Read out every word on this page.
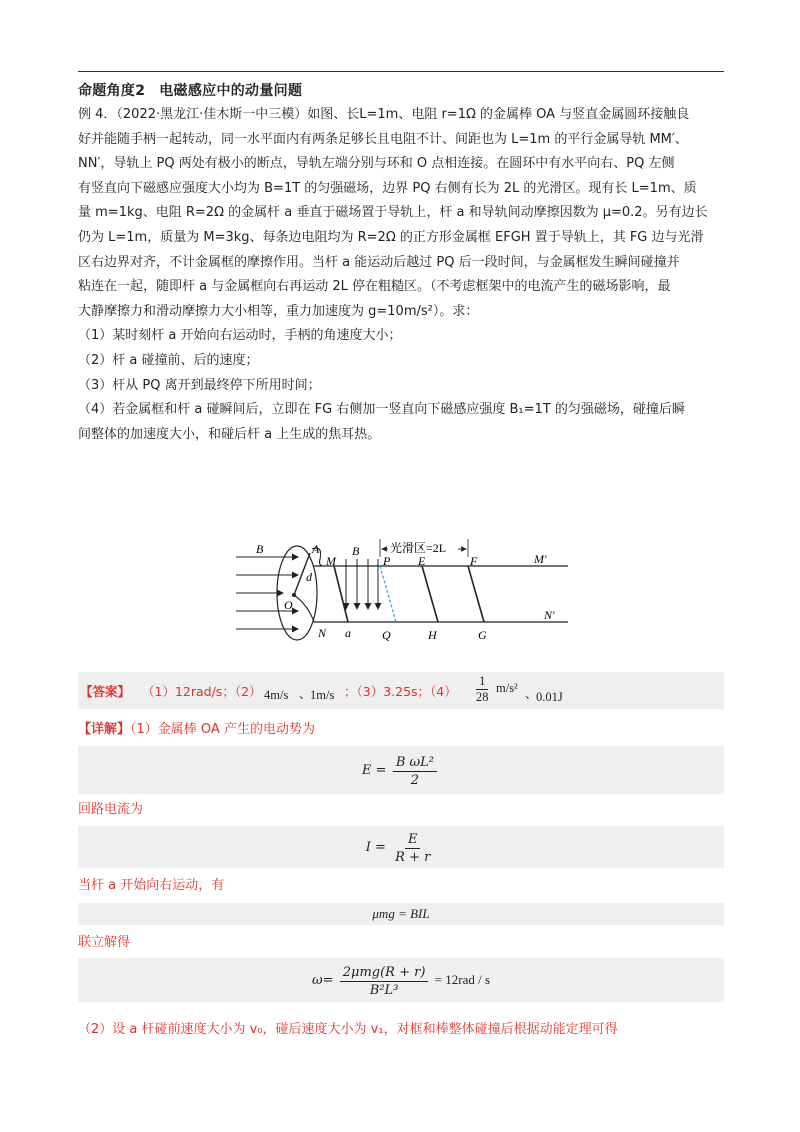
命题角度2 电磁感应中的动量问题

例 4．（2022·黑龙江·佳木斯一中三模）如图、长L=1m、电阻 r=1Ω 的金属棒 OA 与竖直金属圆环接触良

好并能随手柄一起转动，同一水平面内有两条足够长且电阻不计、间距也为 L=1m 的平行金属导轨 MM′、

NN′，导轨上 PQ 两处有极小的断点，导轨左端分别与环和 O 点相连接。在圆环中有水平向右、PQ 左侧

有竖直向下磁感应强度大小均为 B=1T 的匀强磁场，边界 PQ 右侧有长为 2L 的光滑区。现有长 L=1m、质

量 m=1kg、电阻 R=2Ω 的金属杆 a 垂直于磁场置于导轨上，杆 a 和导轨间动摩擦因数为 μ=0.2。另有边长

仍为 L=1m，质量为 M=3kg、每条边电阻均为 R=2Ω 的正方形金属框 EFGH 置于导轨上，其 FG 边与光滑

区右边界对齐，不计金属框的摩擦作用。当杆 a 能运动后越过 PQ 后一段时间，与金属框发生瞬间碰撞并

粘连在一起，随即杆 a 与金属框向右再运动 2L 停在粗糙区。（不考虑框架中的电流产生的磁场影响，最

大静摩擦力和滑动摩擦力大小相等，重力加速度为 g=10m/s²）。求：

（1）某时刻杆 a 开始向右运动时，手柄的角速度大小；

（2）杆 a 碰撞前、后的速度；

（3）杆从 PQ 离开到最终停下所用时间；

（4）若金属框和杆 a 碰瞬间后，立即在 FG 右侧加一竖直向下磁感应强度 B₁=1T 的匀强磁场，碰撞后瞬

间整体的加速度大小，和碰后杆 a 上生成的焦耳热。

光滑区=2L
B	A
M
B
d
O
N a
P
Q
E	F
H	G
M′
N′
【答案】 （1）12rad/s；（2） 4m/s 、
1m/s ；（3）3.25s；$(4) \frac{1}{28} m/s^2$ 、
0.01J

【详解】（1）金属棒 OA 产生的电动势为

$E = \frac{\text{B ωL²}}{2}$
回路电流为
$I = \frac{E}{R + r}$
当杆 a 开始向右运动，有
μmg = BIL
联立解得
$\omega= \frac{\text{2μmg(R + r)}}{\text{B²L³}} = 12rad / s$
（2）设 a 杆碰前速度大小为 v₀，碰后速度大小为 v₁，对框和棒整体碰撞后根据动能定理可得
